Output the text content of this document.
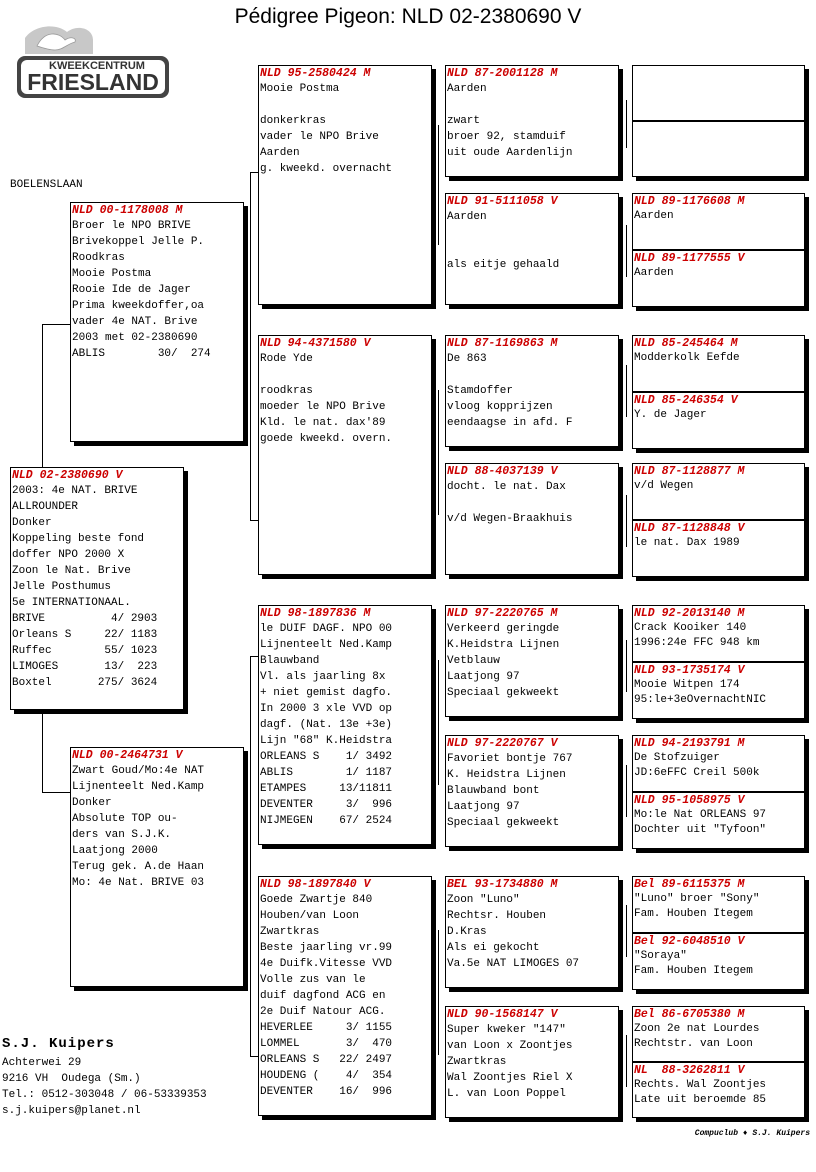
Pédigree Pigeon: NLD 02-2380690 V
KWEEKCENTRUM
FRIESLAND
BOELENSLAAN
NLD 02-2380690 V
2003: 4e NAT. BRIVE
ALLROUNDER
Donker
Koppeling beste fond
doffer NPO 2000 X
Zoon le Nat. Brive
Jelle Posthumus
5e INTERNATIONAAL.
BRIVE          4/ 2903
Orleans S     22/ 1183
Ruffec        55/ 1023
LIMOGES       13/  223
Boxtel       275/ 3624
NLD 00-1178008 M
Broer le NPO BRIVE
Brivekoppel Jelle P.
Roodkras
Mooie Postma
Rooie Ide de Jager
Prima kweekdoffer,oa
vader 4e NAT. Brive
2003 met 02-2380690
ABLIS        30/  274
NLD 00-2464731 V
Zwart Goud/Mo:4e NAT
Lijnenteelt Ned.Kamp
Donker
Absolute TOP ou-
ders van S.J.K.
Laatjong 2000
Terug gek. A.de Haan
Mo: 4e Nat. BRIVE 03
NLD 95-2580424 M
Mooie Postma

donkerkras
vader le NPO Brive
Aarden
g. kweekd. overnacht
NLD 94-4371580 V
Rode Yde

roodkras
moeder le NPO Brive
Kld. le nat. dax'89
goede kweekd. overn.
NLD 98-1897836 M
le DUIF DAGF. NPO 00
Lijnenteelt Ned.Kamp
Blauwband
Vl. als jaarling 8x
+ niet gemist dagfo.
In 2000 3 xle VVD op
dagf. (Nat. 13e +3e)
Lijn "68" K.Heidstra
ORLEANS S    1/ 3492
ABLIS        1/ 1187
ETAMPES     13/11811
DEVENTER     3/  996
NIJMEGEN    67/ 2524
NLD 98-1897840 V
Goede Zwartje 840
Houben/van Loon
Zwartkras
Beste jaarling vr.99
4e Duifk.Vitesse VVD
Volle zus van le
duif dagfond ACG en
2e Duif Natour ACG.
HEVERLEE     3/ 1155
LOMMEL       3/  470
ORLEANS S   22/ 2497
HOUDENG (    4/  354
DEVENTER    16/  996
NLD 87-2001128 M
Aarden

zwart
broer 92, stamduif
uit oude Aardenlijn
NLD 91-5111058 V
Aarden

als eitje gehaald
NLD 87-1169863 M
De 863

Stamdoffer
vloog kopprijzen
eendaagse in afd. F
NLD 88-4037139 V
docht. le nat. Dax

v/d Wegen-Braakhuis
NLD 97-2220765 M
Verkeerd geringde
K.Heidstra Lijnen
Vetblauw
Laatjong 97
Speciaal gekweekt
NLD 97-2220767 V
Favoriet bontje 767
K. Heidstra Lijnen
Blauwband bont
Laatjong 97
Speciaal gekweekt
BEL 93-1734880 M
Zoon "Luno"
Rechtsr. Houben
D.Kras
Als ei gekocht
Va.5e NAT LIMOGES 07
NLD 90-1568147 V
Super kweker "147"
van Loon x Zoontjes
Zwartkras
Wal Zoontjes Riel X
L. van Loon Poppel

NLD 89-1176608 M
Aarden
NLD 89-1177555 V
Aarden
NLD 85-245464 M
Modderkolk Eefde
NLD 85-246354 V
Y. de Jager
NLD 87-1128877 M
v/d Wegen
NLD 87-1128848 V
le nat. Dax 1989
NLD 92-2013140 M
Crack Kooiker 140
1996:24e FFC 948 km
NLD 93-1735174 V
Mooie Witpen 174
95:le+3eOvernachtNIC
NLD 94-2193791 M
De Stofzuiger
JD:6eFFC Creil 500k
NLD 95-1058975 V
Mo:le Nat ORLEANS 97
Dochter uit "Tyfoon"
Bel 89-6115375 M
"Luno" broer "Sony"
Fam. Houben Itegem
Bel 92-6048510 V
"Soraya"
Fam. Houben Itegem
Bel 86-6705380 M
Zoon 2e nat Lourdes
Rechtstr. van Loon
NL  88-3262811 V
Rechts. Wal Zoontjes
Late uit beroemde 85
S.J. Kuipers
Achterwei 29
9216 VH  Oudega (Sm.)
Tel.: 0512-303048 / 06-53339353
s.j.kuipers@planet.nl
Compuclub ♦ S.J. Kuipers
